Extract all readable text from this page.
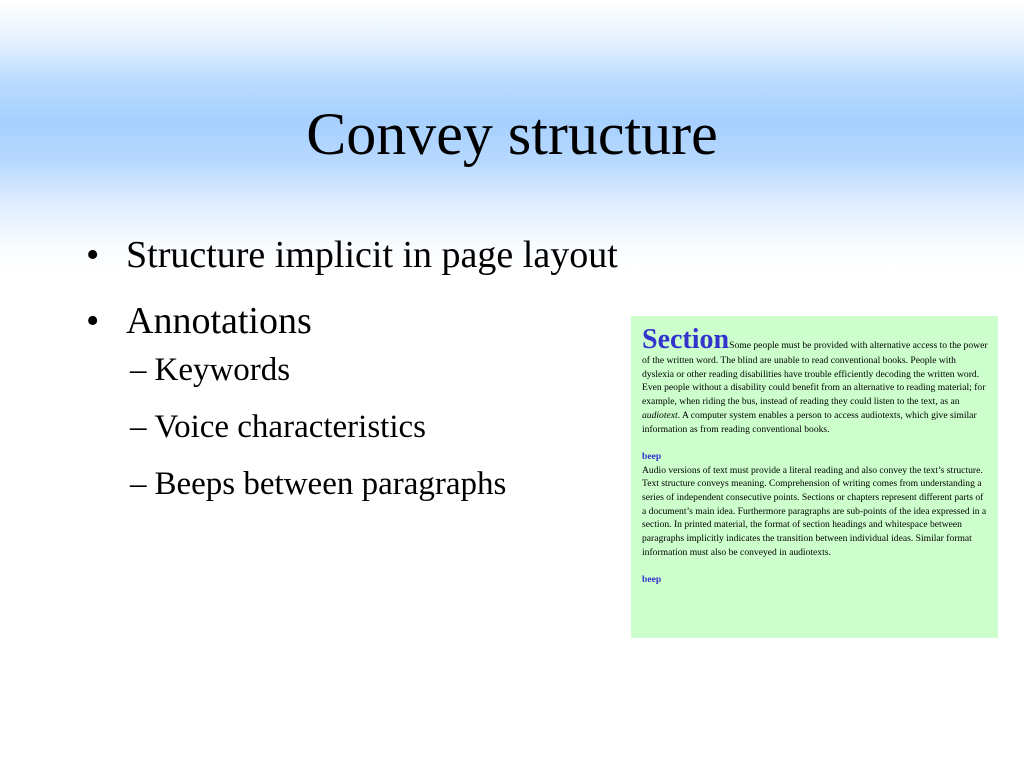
Convey structure
• Structure implicit in page layout
• Annotations
– Keywords
– Voice characteristics
– Beeps between paragraphs

SectionSome people must be provided with alternative access to the power of the written word. The blind are unable to read conventional books. People with dyslexia or other reading disabilities have trouble efficiently decoding the written word. Even people without a disability could benefit from an alternative to reading material; for example, when riding the bus, instead of reading they could listen to the text, as an audiotext. A computer system enables a person to access audiotexts, which give similar information as from reading conventional books.

beep

Audio versions of text must provide a literal reading and also convey the text’s structure. Text structure conveys meaning. Comprehension of writing comes from understanding a series of independent consecutive points. Sections or chapters represent different parts of a document’s main idea. Furthermore paragraphs are sub-points of the idea expressed in a section. In printed material, the format of section headings and whitespace between paragraphs implicitly indicates the transition between individual ideas. Similar format information must also be conveyed in audiotexts.

beep
